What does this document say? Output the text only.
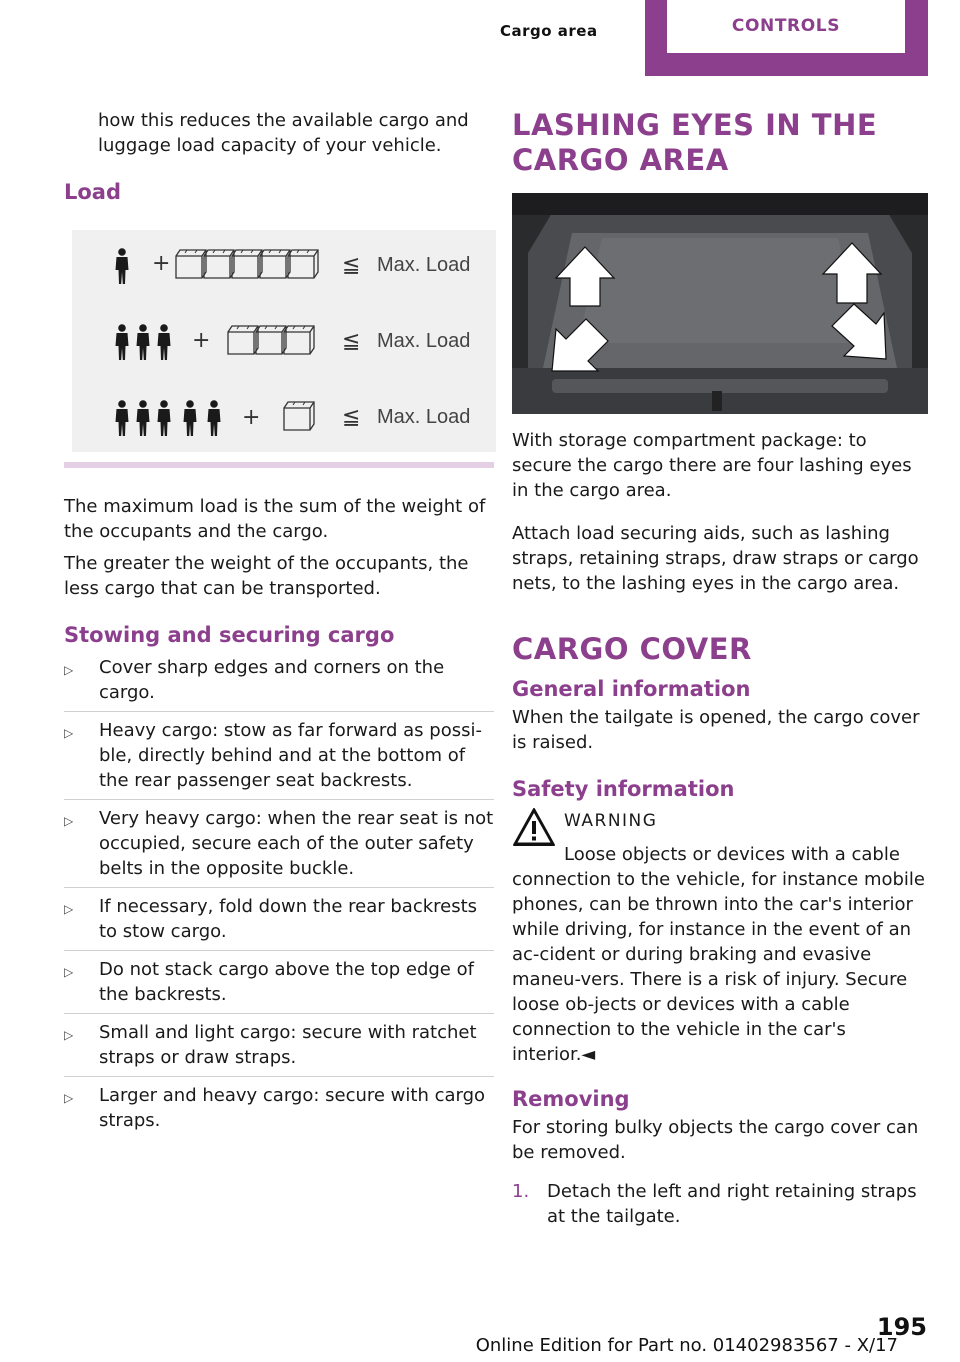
Cargo area	CONTROLS

how this reduces the available cargo and luggage load capacity of your vehicle.

Load
+	≦ Max. Load
+	≦ Max. Load
+	≦ Max. Load

The maximum load is the sum of the weight of the occupants and the cargo.

The greater the weight of the occupants, the less cargo that can be transported.

Stowing and securing cargo
▷ Cover sharp edges and corners on the cargo.
▷ Heavy cargo: stow as far forward as possi‐ble, directly behind and at the bottom of the rear passenger seat backrests.
▷ Very heavy cargo: when the rear seat is not occupied, secure each of the outer safety belts in the opposite buckle.
▷ If necessary, fold down the rear backrests to stow cargo.
▷ Do not stack cargo above the top edge of the backrests.
▷ Small and light cargo: secure with ratchet straps or draw straps.
▷ Larger and heavy cargo: secure with cargo straps.
LASHING EYES IN THE CARGO AREA

With storage compartment package: to secure the cargo there are four lashing eyes in the cargo area.

Attach load securing aids, such as lashing straps, retaining straps, draw straps or cargo nets, to the lashing eyes in the cargo area.

CARGO COVER
General information

When the tailgate is opened, the cargo cover is raised.

Safety information
WARNING

Loose objects or devices with a cable connection to the vehicle, for instance mobile phones, can be thrown into the car's interior while driving, for instance in the event of an ac‐cident or during braking and evasive maneu‐vers. There is a risk of injury. Secure loose ob‐jects or devices with a cable connection to the vehicle in the car's interior.◄

Removing

For storing bulky objects the cargo cover can be removed.

1. Detach the left and right retaining straps at the tailgate.
195
Online Edition for Part no. 01402983567 - X/17
